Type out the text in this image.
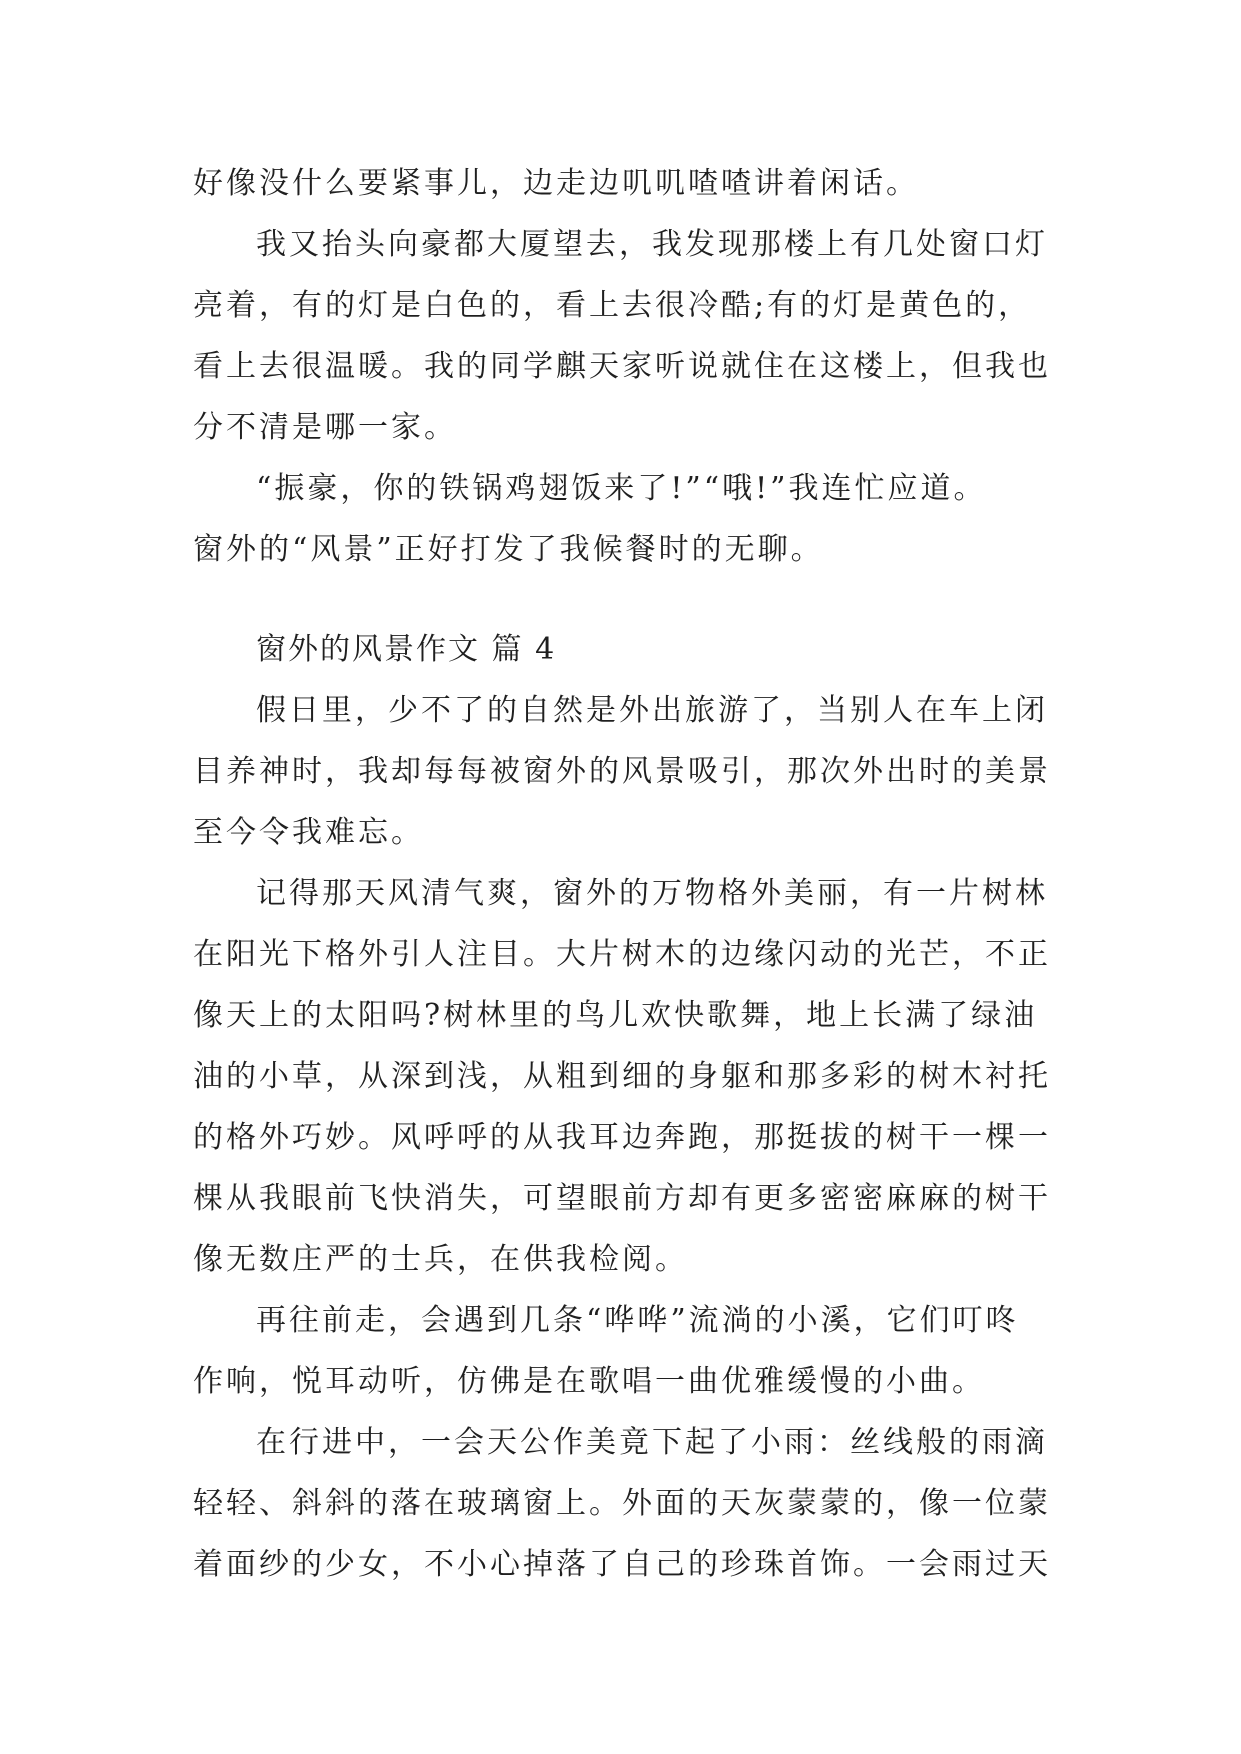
好像没什么要紧事儿，边走边叽叽喳喳讲着闲话。
我又抬头向豪都大厦望去，我发现那楼上有几处窗口灯
亮着，有的灯是白色的，看上去很冷酷;有的灯是黄色的，
看上去很温暖。我的同学麒天家听说就住在这楼上，但我也
分不清是哪一家。
“振豪，你的铁锅鸡翅饭来了!”“哦!”我连忙应道。
窗外的“风景”正好打发了我候餐时的无聊。
窗外的风景作文 篇 4
假日里，少不了的自然是外出旅游了，当别人在车上闭
目养神时，我却每每被窗外的风景吸引，那次外出时的美景
至今令我难忘。
记得那天风清气爽，窗外的万物格外美丽，有一片树林
在阳光下格外引人注目。大片树木的边缘闪动的光芒，不正
像天上的太阳吗?树林里的鸟儿欢快歌舞，地上长满了绿油
油的小草，从深到浅，从粗到细的身躯和那多彩的树木衬托
的格外巧妙。风呼呼的从我耳边奔跑，那挺拔的树干一棵一
棵从我眼前飞快消失，可望眼前方却有更多密密麻麻的树干
像无数庄严的士兵，在供我检阅。
再往前走，会遇到几条“哗哗”流淌的小溪，它们叮咚
作响，悦耳动听，仿佛是在歌唱一曲优雅缓慢的小曲。
在行进中，一会天公作美竟下起了小雨：丝线般的雨滴
轻轻、斜斜的落在玻璃窗上。外面的天灰蒙蒙的，像一位蒙
着面纱的少女，不小心掉落了自己的珍珠首饰。一会雨过天
